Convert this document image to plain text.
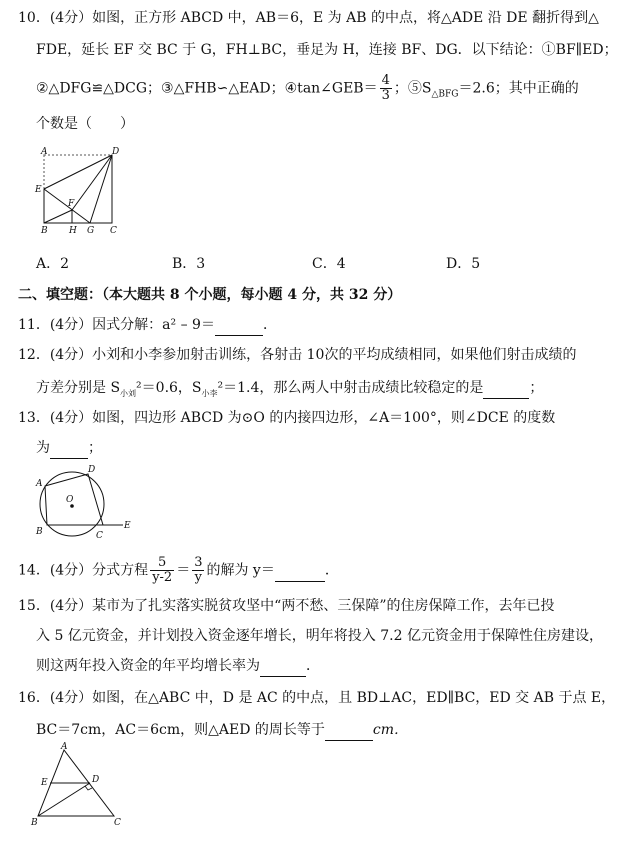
10．(4分）如图，正方形 ABCD 中，AB＝6，E 为 AB 的中点，将△ADE 沿 DE 翻折得到△
FDE，延长 EF 交 BC 于 G，FH⊥BC，垂足为 H，连接 BF、DG．以下结论：①BF∥ED；
②△DFG≌△DCG；③△FHB∽△EAD；④tan∠GEB＝ $\frac{4}{3}$ ；$⑤S_{\triangle BFG}=2.6$；其中正确的
个数是（　　）
A	D
E
F
B H G C
A．2	B．3	C．4	D．5
二、填空题：（本大题共 8 个小题，每小题 4 分，共 32 分）
11．(4分）因式分解：a² – 9＝	．
12．(4分）小刘和小李参加射击训练，各射击 10次的平均成绩相同，如果他们射击成绩的
方差分别是 $S_{小刘}^2=0.6$，$S_{小李}^2=1.4$，那么两人中射击成绩比较稳定的是	；
13．(4分）如图，四边形 ABCD 为⊙O 的内接四边形，∠A＝100°，则∠DCE 的度数
为	；
A
D
O
B	C
E
14．(4分）分式方程 $\frac{5}{y-2} = \frac{3}{y}$ 的解为 y＝	．
15．(4分）某市为了扎实落实脱贫攻坚中“两不愁、三保障”的住房保障工作，去年已投
入 5 亿元资金，并计划投入资金逐年增长，明年将投入 7.2 亿元资金用于保障性住房建设，
则这两年投入资金的年平均增长率为	．
16．(4分）如图，在△ABC 中，D 是 AC 的中点，且 BD⊥AC，ED∥BC，ED 交 AB 于点 E，
BC＝7cm，AC＝6cm，则△AED 的周长等于	cm．
A
E	D
B	C
